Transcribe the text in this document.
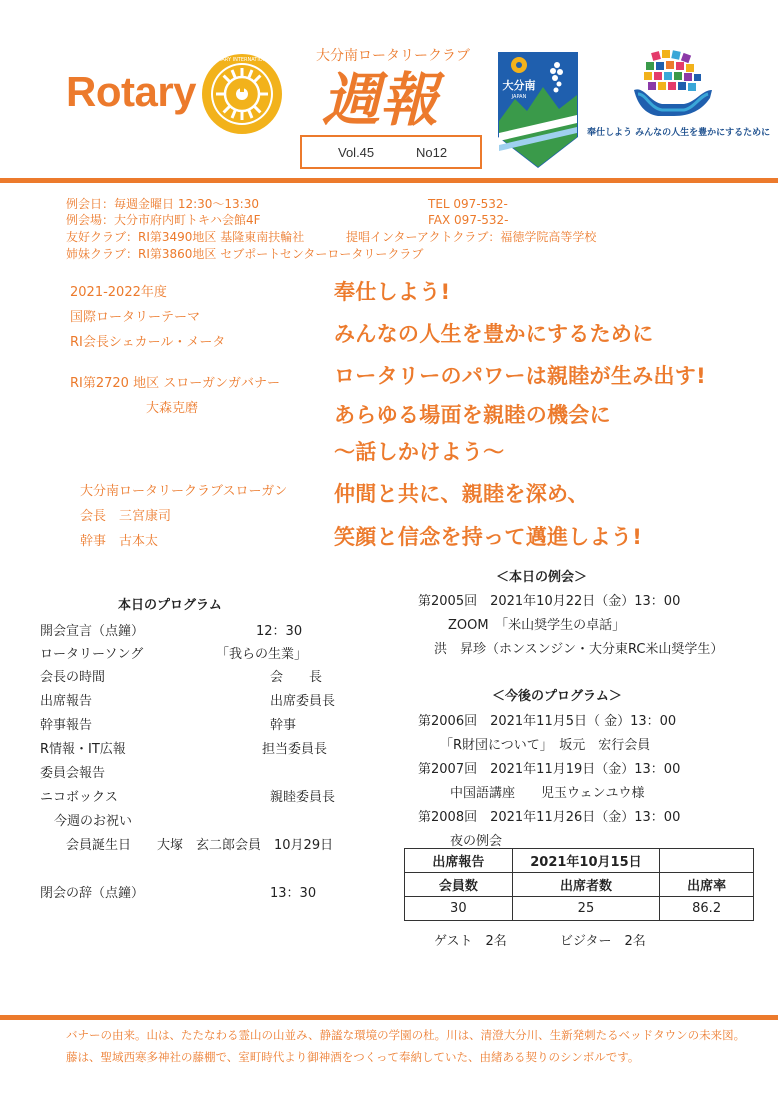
Rotary
ROTARY INTERNATIONAL	大分南ロータリークラブ
週報
Vol.45	No12
大分南
JAPAN
奉仕しよう みんなの人生を豊かにするために
例会日：毎週金曜日 12:30〜13:30	TEL 097-532-
例会場：大分市府内町トキハ会館4F	FAX 097-532-
友好クラブ：RI第3490地区 基隆東南扶輪社	提唱インターアクトクラブ：福徳学院高等学校
姉妹クラブ：RI第3860地区 セブポートセンターロータリークラブ
2021-2022年度
国際ロータリーテーマ
RI会長シェカール・メータ
奉仕しよう!
みんなの人生を豊かにするために
RI第2720 地区 スローガンガバナー
大森克磨
ロータリーのパワーは親睦が生み出す!
あらゆる場面を親睦の機会に
〜話しかけよう〜
大分南ロータリークラブスローガン
会長　三宮康司
幹事　古本太
仲間と共に、親睦を深め、
笑顔と信念を持って邁進しよう!
本日のプログラム
開会宣言（点鐘）	12：30
ロータリーソング	「我らの生業」
会長の時間	会　　長
出席報告	出席委員長
幹事報告	幹事
R情報・IT広報	担当委員長
委員会報告
ニコボックス	親睦委員長
今週のお祝い
会員誕生日　　大塚　玄二郎会員　10月29日
閉会の辞（点鐘）	13：30
＜本日の例会＞
第2005回　2021年10月22日（金）13：00
ZOOM　「米山奨学生の卓話」
洪　昇珍（ホンスンジン・大分東RC米山奨学生）
＜今後のプログラム＞
第2006回　2021年11月5日（ 金）13：00
「R財団について」　坂元　宏行会員
第2007回　2021年11月19日（金）13：00
中国語講座　　児玉ウェンユウ様
第2008回　2021年11月26日（金）13：00
夜の例会
出席報告	2021年10月15日	
会員数	出席者数	出席率
30	25	86.2
ゲスト　2名	ビジター　2名
バナーの由来。山は、たたなわる霊山の山並み、静謐な環境の学園の杜。川は、清澄大分川、生新発刺たるベッドタウンの未来図。
藤は、聖域西寒多神社の藤棚で、室町時代より御神酒をつくって奉納していた、由緒ある契りのシンボルです。
